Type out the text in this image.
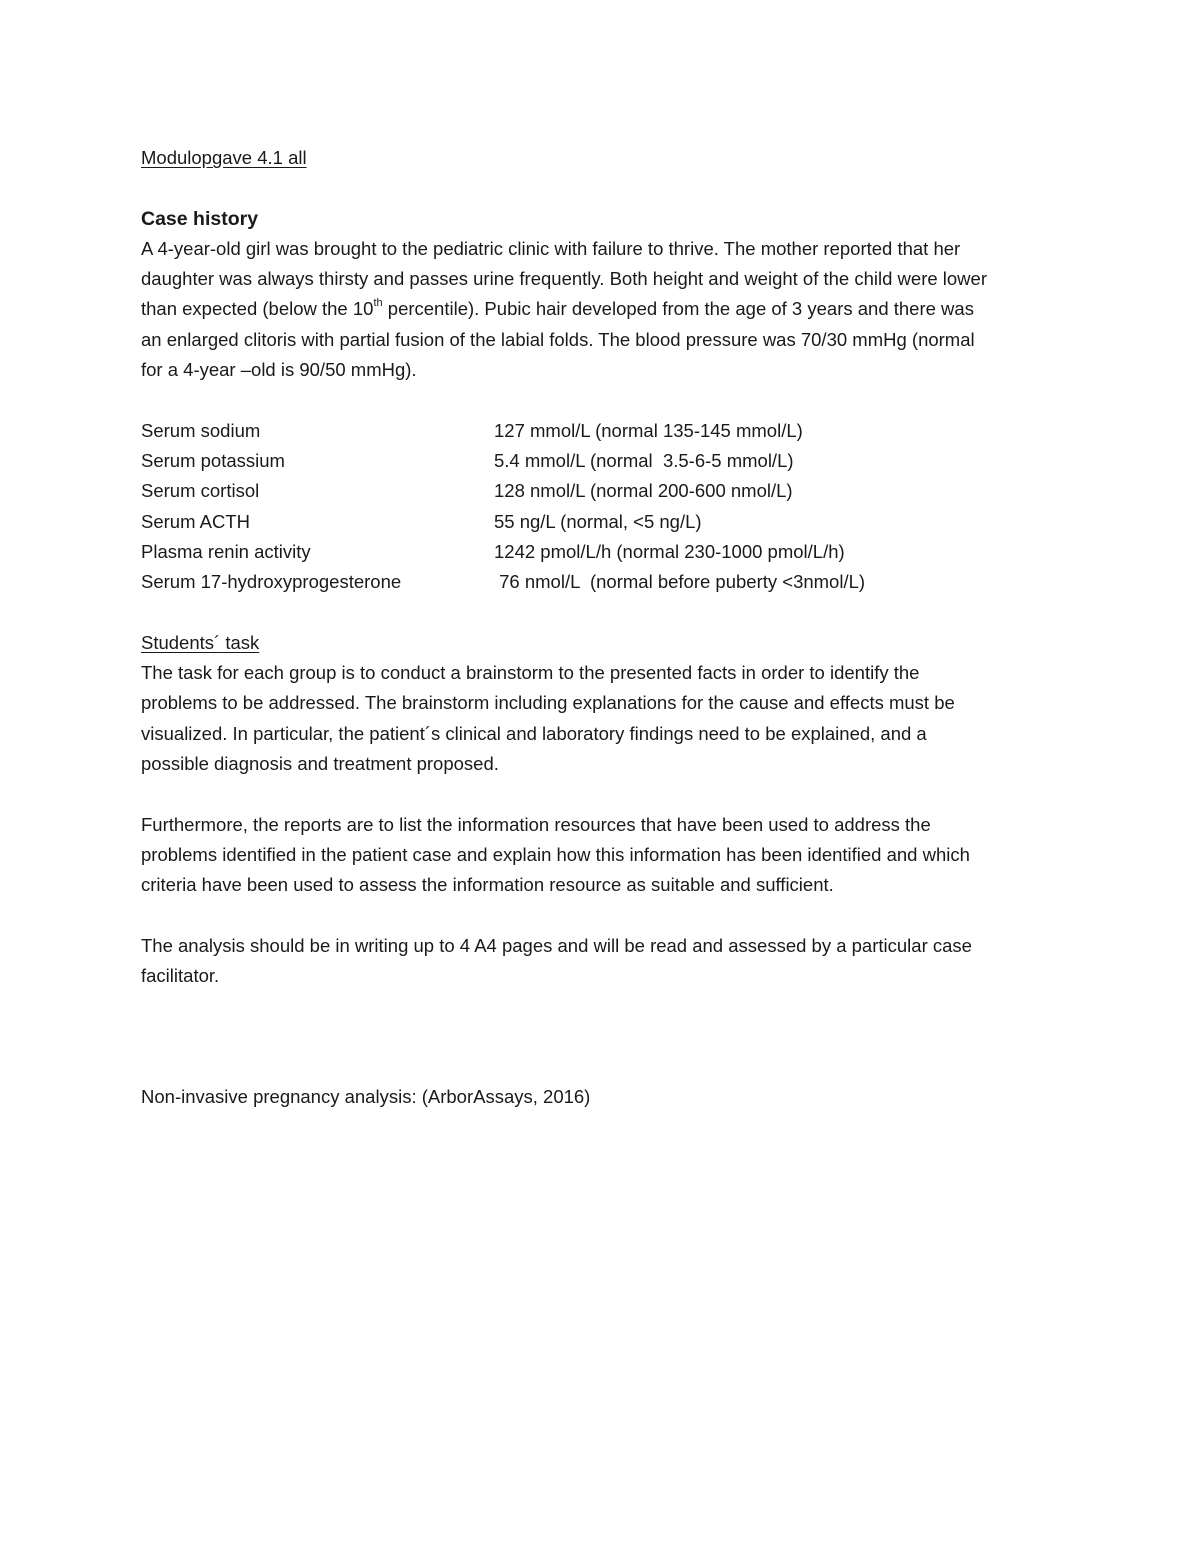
Modulopgave 4.1 all
Case history
A 4-year-old girl was brought to the pediatric clinic with failure to thrive. The mother reported that her
daughter was always thirsty and passes urine frequently. Both height and weight of the child were lower
than expected (below the 10th percentile). Pubic hair developed from the age of 3 years and there was
an enlarged clitoris with partial fusion of the labial folds. The blood pressure was 70/30 mmHg (normal
for a 4-year –old is 90/50 mmHg).
Serum sodium	127 mmol/L (normal 135-145 mmol/L)
Serum potassium	5.4 mmol/L (normal  3.5-6-5 mmol/L)
Serum cortisol	128 nmol/L (normal 200-600 nmol/L)
Serum ACTH	55 ng/L (normal, <5 ng/L)
Plasma renin activity	1242 pmol/L/h (normal 230-1000 pmol/L/h)
Serum 17-hydroxyprogesterone	76 nmol/L  (normal before puberty <3nmol/L)
Students´ task
The task for each group is to conduct a brainstorm to the presented facts in order to identify the
problems to be addressed. The brainstorm including explanations for the cause and effects must be
visualized. In particular, the patient´s clinical and laboratory findings need to be explained, and a
possible diagnosis and treatment proposed.
Furthermore, the reports are to list the information resources that have been used to address the
problems identified in the patient case and explain how this information has been identified and which
criteria have been used to assess the information resource as suitable and sufficient.
The analysis should be in writing up to 4 A4 pages and will be read and assessed by a particular case
facilitator.
Non-invasive pregnancy analysis: (ArborAssays, 2016)
